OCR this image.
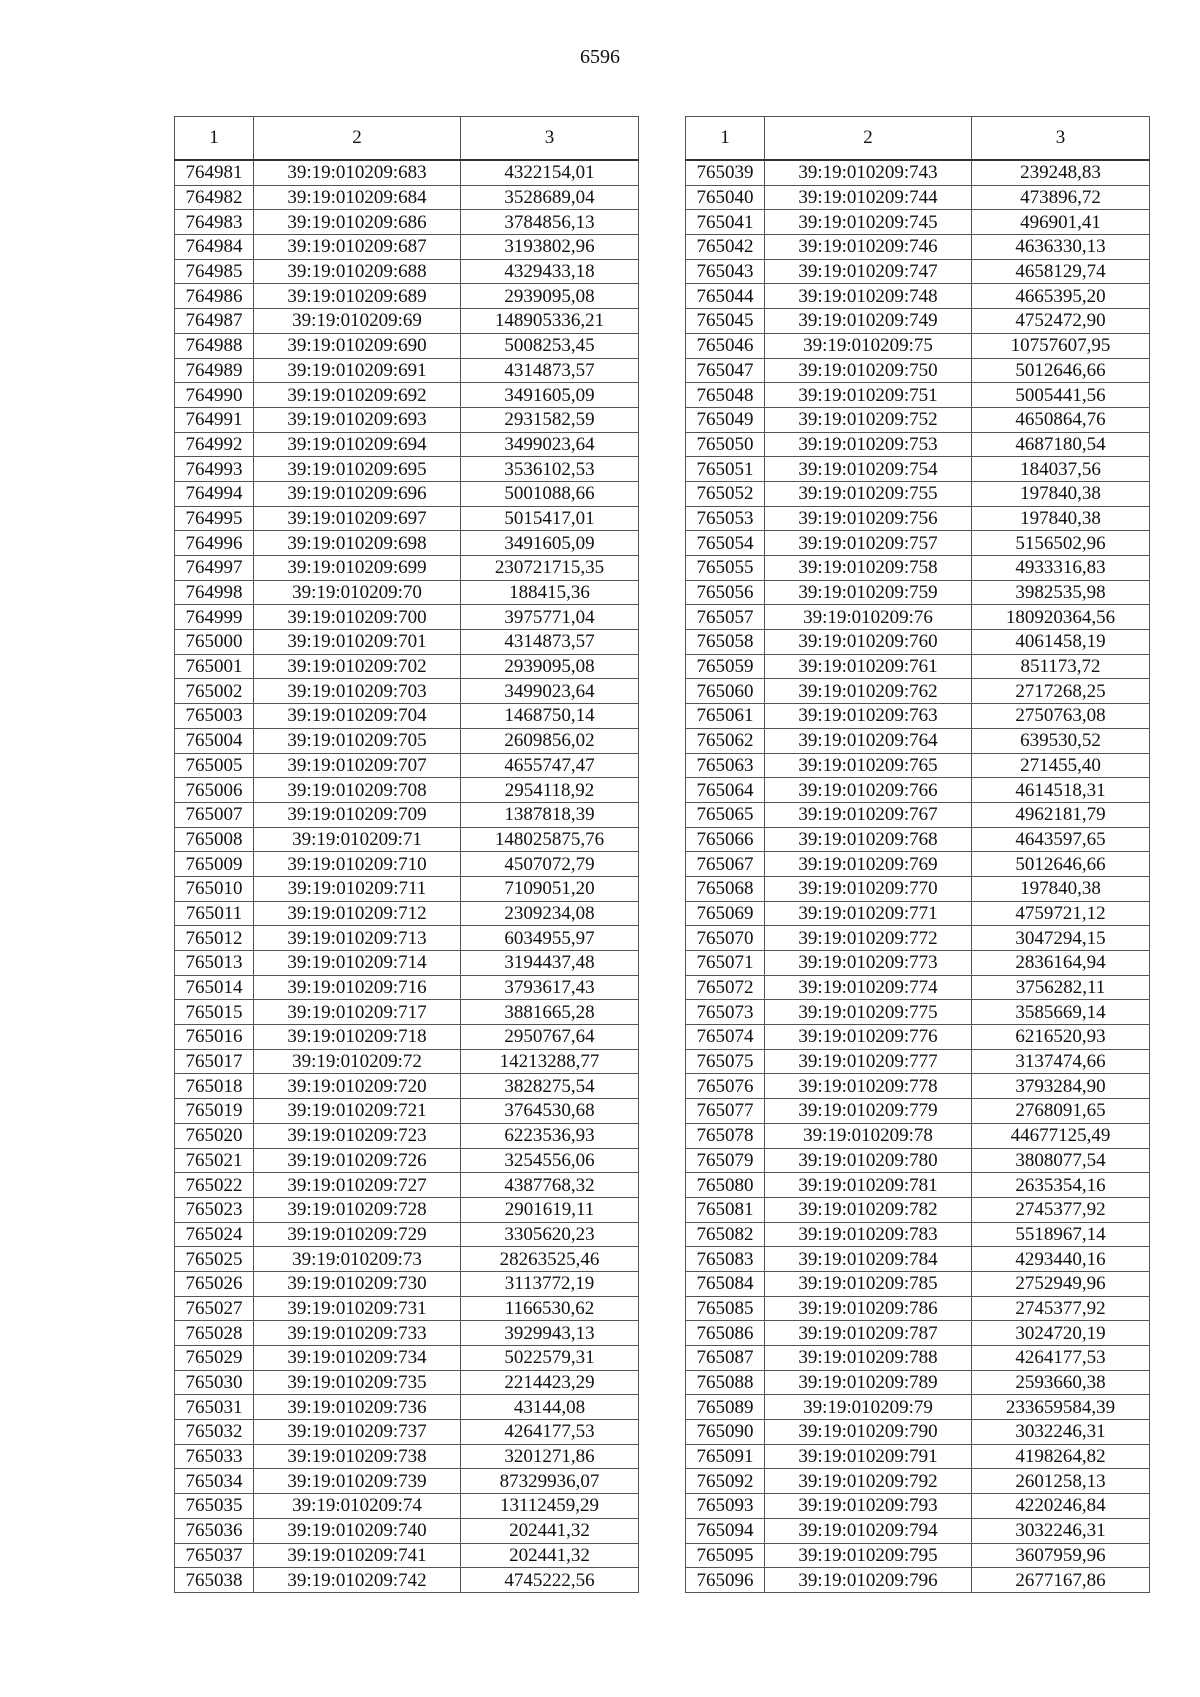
6596
1	2	3
764981	39:19:010209:683	4322154,01
764982	39:19:010209:684	3528689,04
764983	39:19:010209:686	3784856,13
764984	39:19:010209:687	3193802,96
764985	39:19:010209:688	4329433,18
764986	39:19:010209:689	2939095,08
764987	39:19:010209:69	148905336,21
764988	39:19:010209:690	5008253,45
764989	39:19:010209:691	4314873,57
764990	39:19:010209:692	3491605,09
764991	39:19:010209:693	2931582,59
764992	39:19:010209:694	3499023,64
764993	39:19:010209:695	3536102,53
764994	39:19:010209:696	5001088,66
764995	39:19:010209:697	5015417,01
764996	39:19:010209:698	3491605,09
764997	39:19:010209:699	230721715,35
764998	39:19:010209:70	188415,36
764999	39:19:010209:700	3975771,04
765000	39:19:010209:701	4314873,57
765001	39:19:010209:702	2939095,08
765002	39:19:010209:703	3499023,64
765003	39:19:010209:704	1468750,14
765004	39:19:010209:705	2609856,02
765005	39:19:010209:707	4655747,47
765006	39:19:010209:708	2954118,92
765007	39:19:010209:709	1387818,39
765008	39:19:010209:71	148025875,76
765009	39:19:010209:710	4507072,79
765010	39:19:010209:711	7109051,20
765011	39:19:010209:712	2309234,08
765012	39:19:010209:713	6034955,97
765013	39:19:010209:714	3194437,48
765014	39:19:010209:716	3793617,43
765015	39:19:010209:717	3881665,28
765016	39:19:010209:718	2950767,64
765017	39:19:010209:72	14213288,77
765018	39:19:010209:720	3828275,54
765019	39:19:010209:721	3764530,68
765020	39:19:010209:723	6223536,93
765021	39:19:010209:726	3254556,06
765022	39:19:010209:727	4387768,32
765023	39:19:010209:728	2901619,11
765024	39:19:010209:729	3305620,23
765025	39:19:010209:73	28263525,46
765026	39:19:010209:730	3113772,19
765027	39:19:010209:731	1166530,62
765028	39:19:010209:733	3929943,13
765029	39:19:010209:734	5022579,31
765030	39:19:010209:735	2214423,29
765031	39:19:010209:736	43144,08
765032	39:19:010209:737	4264177,53
765033	39:19:010209:738	3201271,86
765034	39:19:010209:739	87329936,07
765035	39:19:010209:74	13112459,29
765036	39:19:010209:740	202441,32
765037	39:19:010209:741	202441,32
765038	39:19:010209:742	4745222,56
1	2	3
765039	39:19:010209:743	239248,83
765040	39:19:010209:744	473896,72
765041	39:19:010209:745	496901,41
765042	39:19:010209:746	4636330,13
765043	39:19:010209:747	4658129,74
765044	39:19:010209:748	4665395,20
765045	39:19:010209:749	4752472,90
765046	39:19:010209:75	10757607,95
765047	39:19:010209:750	5012646,66
765048	39:19:010209:751	5005441,56
765049	39:19:010209:752	4650864,76
765050	39:19:010209:753	4687180,54
765051	39:19:010209:754	184037,56
765052	39:19:010209:755	197840,38
765053	39:19:010209:756	197840,38
765054	39:19:010209:757	5156502,96
765055	39:19:010209:758	4933316,83
765056	39:19:010209:759	3982535,98
765057	39:19:010209:76	180920364,56
765058	39:19:010209:760	4061458,19
765059	39:19:010209:761	851173,72
765060	39:19:010209:762	2717268,25
765061	39:19:010209:763	2750763,08
765062	39:19:010209:764	639530,52
765063	39:19:010209:765	271455,40
765064	39:19:010209:766	4614518,31
765065	39:19:010209:767	4962181,79
765066	39:19:010209:768	4643597,65
765067	39:19:010209:769	5012646,66
765068	39:19:010209:770	197840,38
765069	39:19:010209:771	4759721,12
765070	39:19:010209:772	3047294,15
765071	39:19:010209:773	2836164,94
765072	39:19:010209:774	3756282,11
765073	39:19:010209:775	3585669,14
765074	39:19:010209:776	6216520,93
765075	39:19:010209:777	3137474,66
765076	39:19:010209:778	3793284,90
765077	39:19:010209:779	2768091,65
765078	39:19:010209:78	44677125,49
765079	39:19:010209:780	3808077,54
765080	39:19:010209:781	2635354,16
765081	39:19:010209:782	2745377,92
765082	39:19:010209:783	5518967,14
765083	39:19:010209:784	4293440,16
765084	39:19:010209:785	2752949,96
765085	39:19:010209:786	2745377,92
765086	39:19:010209:787	3024720,19
765087	39:19:010209:788	4264177,53
765088	39:19:010209:789	2593660,38
765089	39:19:010209:79	233659584,39
765090	39:19:010209:790	3032246,31
765091	39:19:010209:791	4198264,82
765092	39:19:010209:792	2601258,13
765093	39:19:010209:793	4220246,84
765094	39:19:010209:794	3032246,31
765095	39:19:010209:795	3607959,96
765096	39:19:010209:796	2677167,86
